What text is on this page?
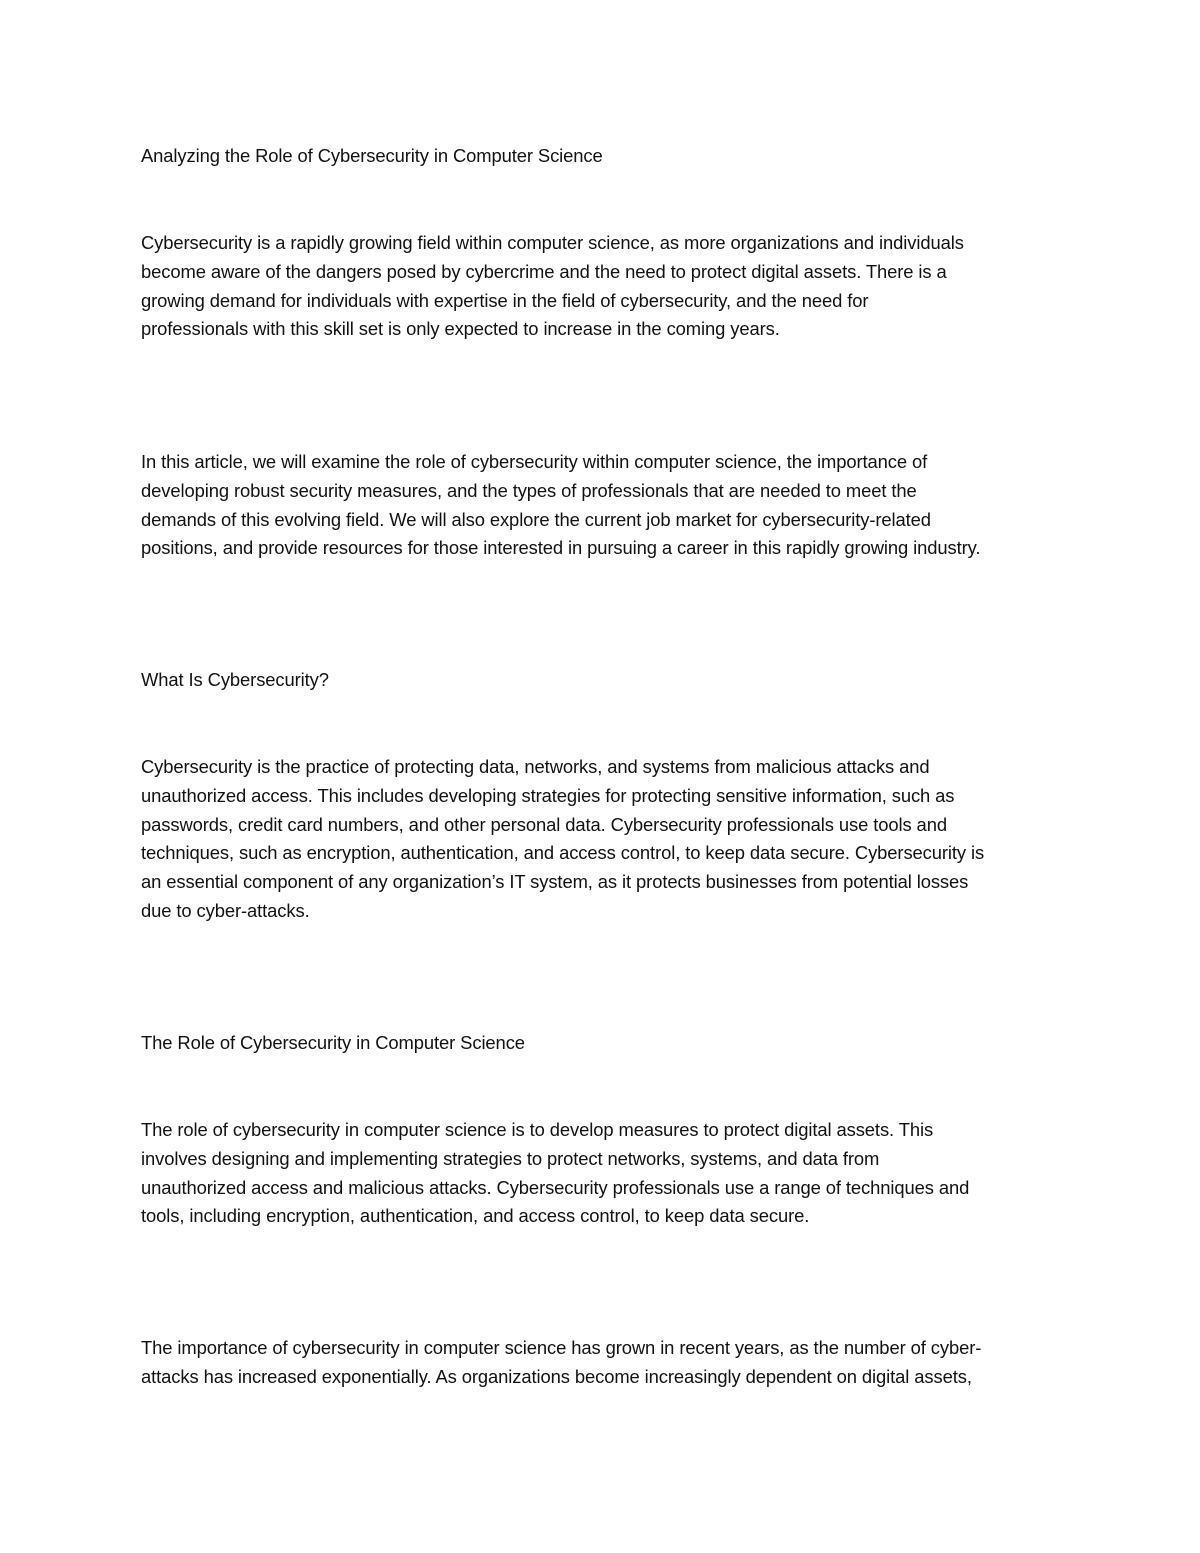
Analyzing the Role of Cybersecurity in Computer Science

Cybersecurity is a rapidly growing field within computer science, as more organizations and individuals
become aware of the dangers posed by cybercrime and the need to protect digital assets. There is a
growing demand for individuals with expertise in the field of cybersecurity, and the need for
professionals with this skill set is only expected to increase in the coming years.

In this article, we will examine the role of cybersecurity within computer science, the importance of
developing robust security measures, and the types of professionals that are needed to meet the
demands of this evolving field. We will also explore the current job market for cybersecurity-related
positions, and provide resources for those interested in pursuing a career in this rapidly growing industry.

What Is Cybersecurity?

Cybersecurity is the practice of protecting data, networks, and systems from malicious attacks and
unauthorized access. This includes developing strategies for protecting sensitive information, such as
passwords, credit card numbers, and other personal data. Cybersecurity professionals use tools and
techniques, such as encryption, authentication, and access control, to keep data secure. Cybersecurity is
an essential component of any organization’s IT system, as it protects businesses from potential losses
due to cyber-attacks.

The Role of Cybersecurity in Computer Science

The role of cybersecurity in computer science is to develop measures to protect digital assets. This
involves designing and implementing strategies to protect networks, systems, and data from
unauthorized access and malicious attacks. Cybersecurity professionals use a range of techniques and
tools, including encryption, authentication, and access control, to keep data secure.

The importance of cybersecurity in computer science has grown in recent years, as the number of cyber-
attacks has increased exponentially. As organizations become increasingly dependent on digital assets,
